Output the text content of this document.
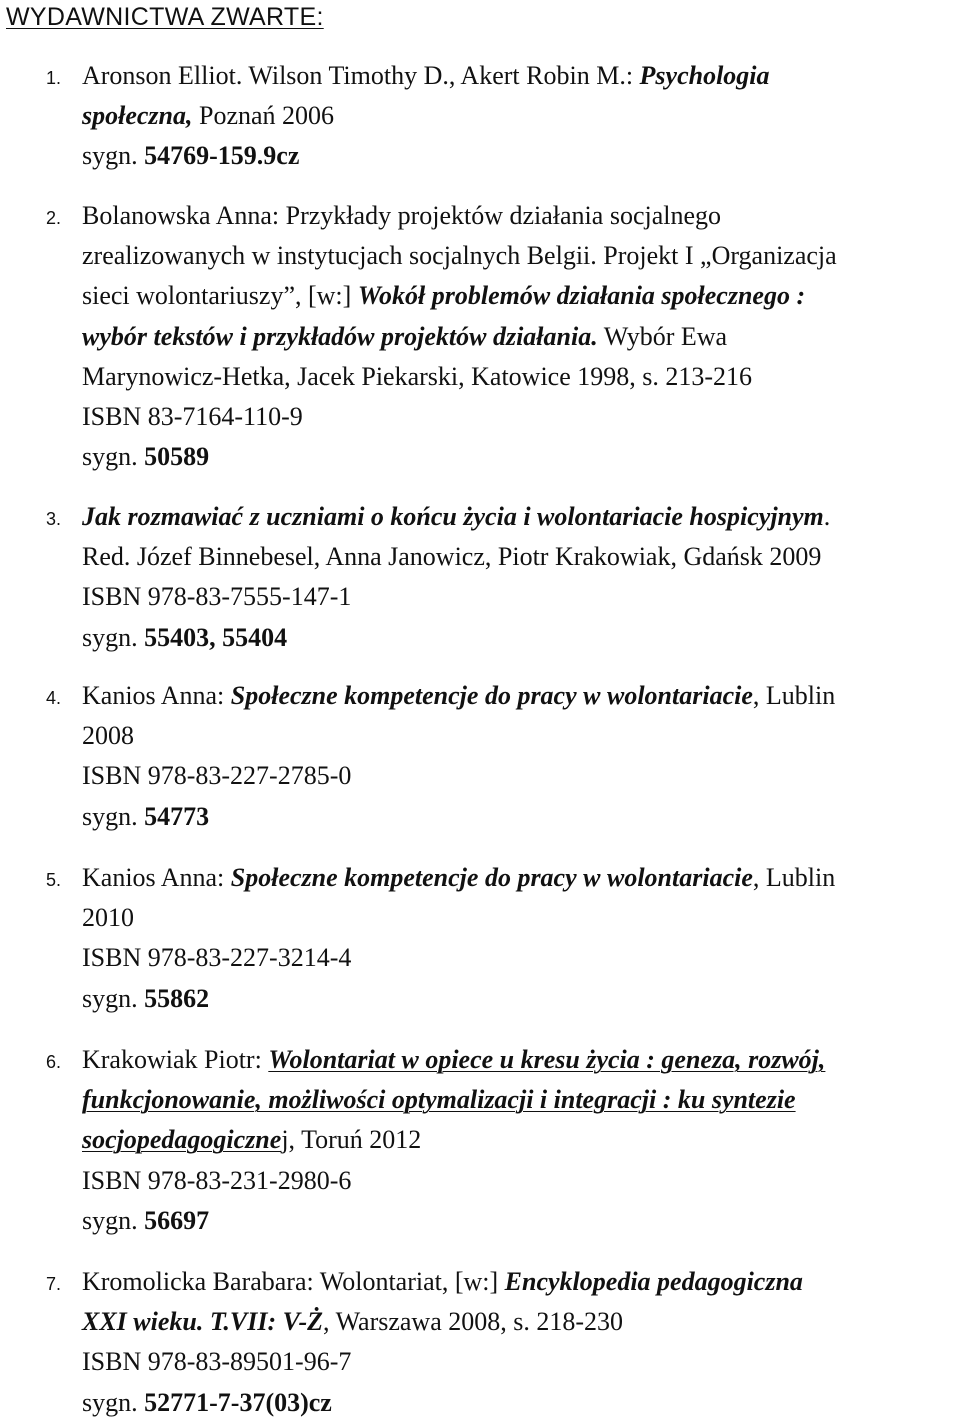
WYDAWNICTWA ZWARTE:
1. Aronson Elliot. Wilson Timothy D., Akert Robin M.: Psychologia
społeczna, Poznań 2006
sygn. 54769-159.9cz
2. Bolanowska Anna: Przykłady projektów działania socjalnego
zrealizowanych w instytucjach socjalnych Belgii. Projekt I „Organizacja
sieci wolontariuszy”, [w:] Wokół problemów działania społecznego :
wybór tekstów i przykładów projektów działania. Wybór Ewa
Marynowicz-Hetka, Jacek Piekarski, Katowice 1998, s. 213-216
ISBN 83-7164-110-9
sygn. 50589
3. Jak rozmawiać z uczniami o końcu życia i wolontariacie hospicyjnym.
Red. Józef Binnebesel, Anna Janowicz, Piotr Krakowiak, Gdańsk 2009
ISBN 978-83-7555-147-1
sygn. 55403, 55404
4. Kanios Anna: Społeczne kompetencje do pracy w wolontariacie, Lublin
2008
ISBN 978-83-227-2785-0
sygn. 54773
5. Kanios Anna: Społeczne kompetencje do pracy w wolontariacie, Lublin
2010
ISBN 978-83-227-3214-4
sygn. 55862
6. Krakowiak Piotr: Wolontariat w opiece u kresu życia : geneza, rozwój,
funkcjonowanie, możliwości optymalizacji i integracji : ku syntezie
socjopedagogicznej, Toruń 2012
ISBN 978-83-231-2980-6
sygn. 56697
7. Kromolicka Barabara: Wolontariat, [w:] Encyklopedia pedagogiczna
XXI wieku. T.VII: V-Ż, Warszawa 2008, s. 218-230
ISBN 978-83-89501-96-7
sygn. 52771-7-37(03)cz
